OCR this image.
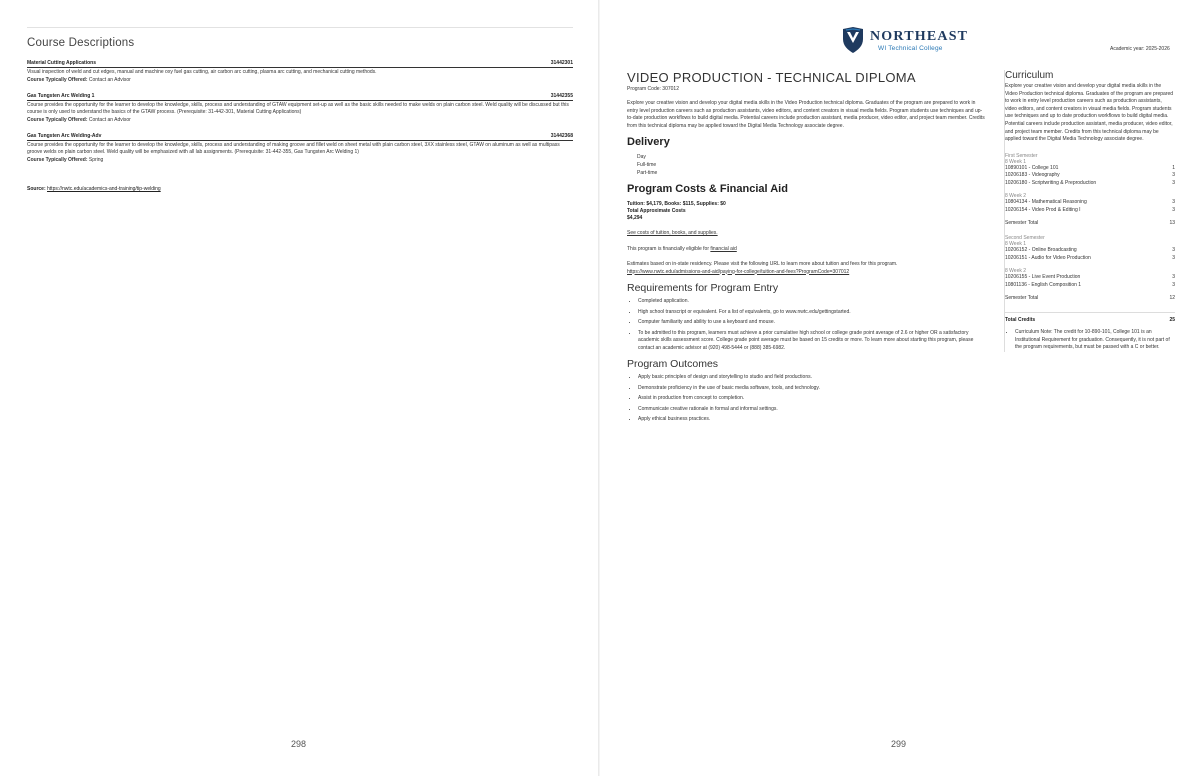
Course Descriptions
Material Cutting Applications	31442301
Visual inspection of weld and cut edges, manual and machine oxy fuel gas cutting, air carbon arc cutting, plasma arc cutting, and mechanical cutting methods.
Course Typically Offered: Contact an Advisor
Gas Tungsten Arc Welding 1	31442355
Course provides the opportunity for the learner to develop the knowledge, skills, process and understanding of GTAW equipment set-up as well as the basic skills needed to make welds on plain carbon steel. Weld quality will be discussed but this course is only used to understand the basics of the GTAW process. (Prerequisite: 31-442-301, Material Cutting Applications)
Course Typically Offered: Contact an Advisor
Gas Tungsten Arc Welding-Adv	31442368
Course provides the opportunity for the learner to develop the knowledge, skills, process and understanding of making groove and fillet weld on sheet metal with plain carbon steel, 3XX stainless steel, GTAW on aluminum as well as multipass groove welds on plain carbon steel. Weld quality will be emphasized with all lab assignments. (Prerequisite: 31-442-355, Gas Tungsten Arc Welding 1)
Course Typically Offered: Spring
Source: https://nwtc.edu/academics-and-training/tip-welding
298
NORTHEAST
WI Technical College	Academic year: 2025-2026
VIDEO PRODUCTION - TECHNICAL DIPLOMA
Program Code: 307012

Explore your creative vision and develop your digital media skills in the Video Production technical diploma. Graduates of the program are prepared to work in entry level production careers such as production assistants, video editors, and content creators in visual media fields. Program students use techniques and up-to-date production workflows to build digital media. Potential careers include production assistant, media producer, video editor, and project team member. Credits from this technical diploma may be applied toward the Digital Media Technology associate degree.

Delivery
Day
Full-time
Part-time
Program Costs & Financial Aid
Tuition: $4,179, Books: $115, Supplies: $0
Total Approximate Costs
$4,294

See costs of tuition, books, and supplies.

This program is financially eligible for financial aid

Estimates based on in-state residency. Please visit the following URL to learn more about tuition and fees for this program.
https://www.nwtc.edu/admissions-and-aid/paying-for-college/tuition-and-fees?ProgramCode=307012

Requirements for Program Entry
• Completed application.
• High school transcript or equivalent. For a list of equivalents, go to www.nwtc.edu/gettingstarted.
• Computer familiarity and ability to use a keyboard and mouse.
• To be admitted to this program, learners must achieve a prior cumulative high school or college grade point average of 2.6 or higher OR a satisfactory academic skills assessment score. College grade point average must be based on 15 credits or more. To learn more about starting this program, please contact an academic advisor at (920) 498-5444 or (888) 385-6982.
Program Outcomes
• Apply basic principles of design and storytelling to studio and field productions.
• Demonstrate proficiency in the use of basic media software, tools, and technology.
• Assist in production from concept to completion.
• Communicate creative rationale in formal and informal settings.
• Apply ethical business practices.
Curriculum
Explore your creative vision and develop your digital media skills in the Video Production technical diploma. Graduates of the program are prepared to work in entry level production careers such as production assistants, video editors, and content creators in visual media fields. Program students use techniques and up to date production workflows to build digital media. Potential careers include production assistant, media producer, video editor, and project team member. Credits from this technical diploma may be applied toward the Digital Media Technology associate degree.
First Semester
8 Week 1
10890101 - College 101	1
10206183 - Videography	3
10206180 - Scriptwriting & Preproduction	3
8 Week 2
10804134 - Mathematical Reasoning	3
10206154 - Video Prod & Editing I	3
Semester Total	13
Second Semester
8 Week 1
10206152 - Online Broadcasting	3
10206151 - Audio for Video Production	3
8 Week 2
10206155 - Live Event Production	3
10801136 - English Composition 1	3
Semester Total	12
Total Credits	25
• Curriculum Note: The credit for 10-890-101, College 101 is an Institutional Requirement for graduation. Consequently, it is not part of the program requirements, but must be passed with a C or better.
299
